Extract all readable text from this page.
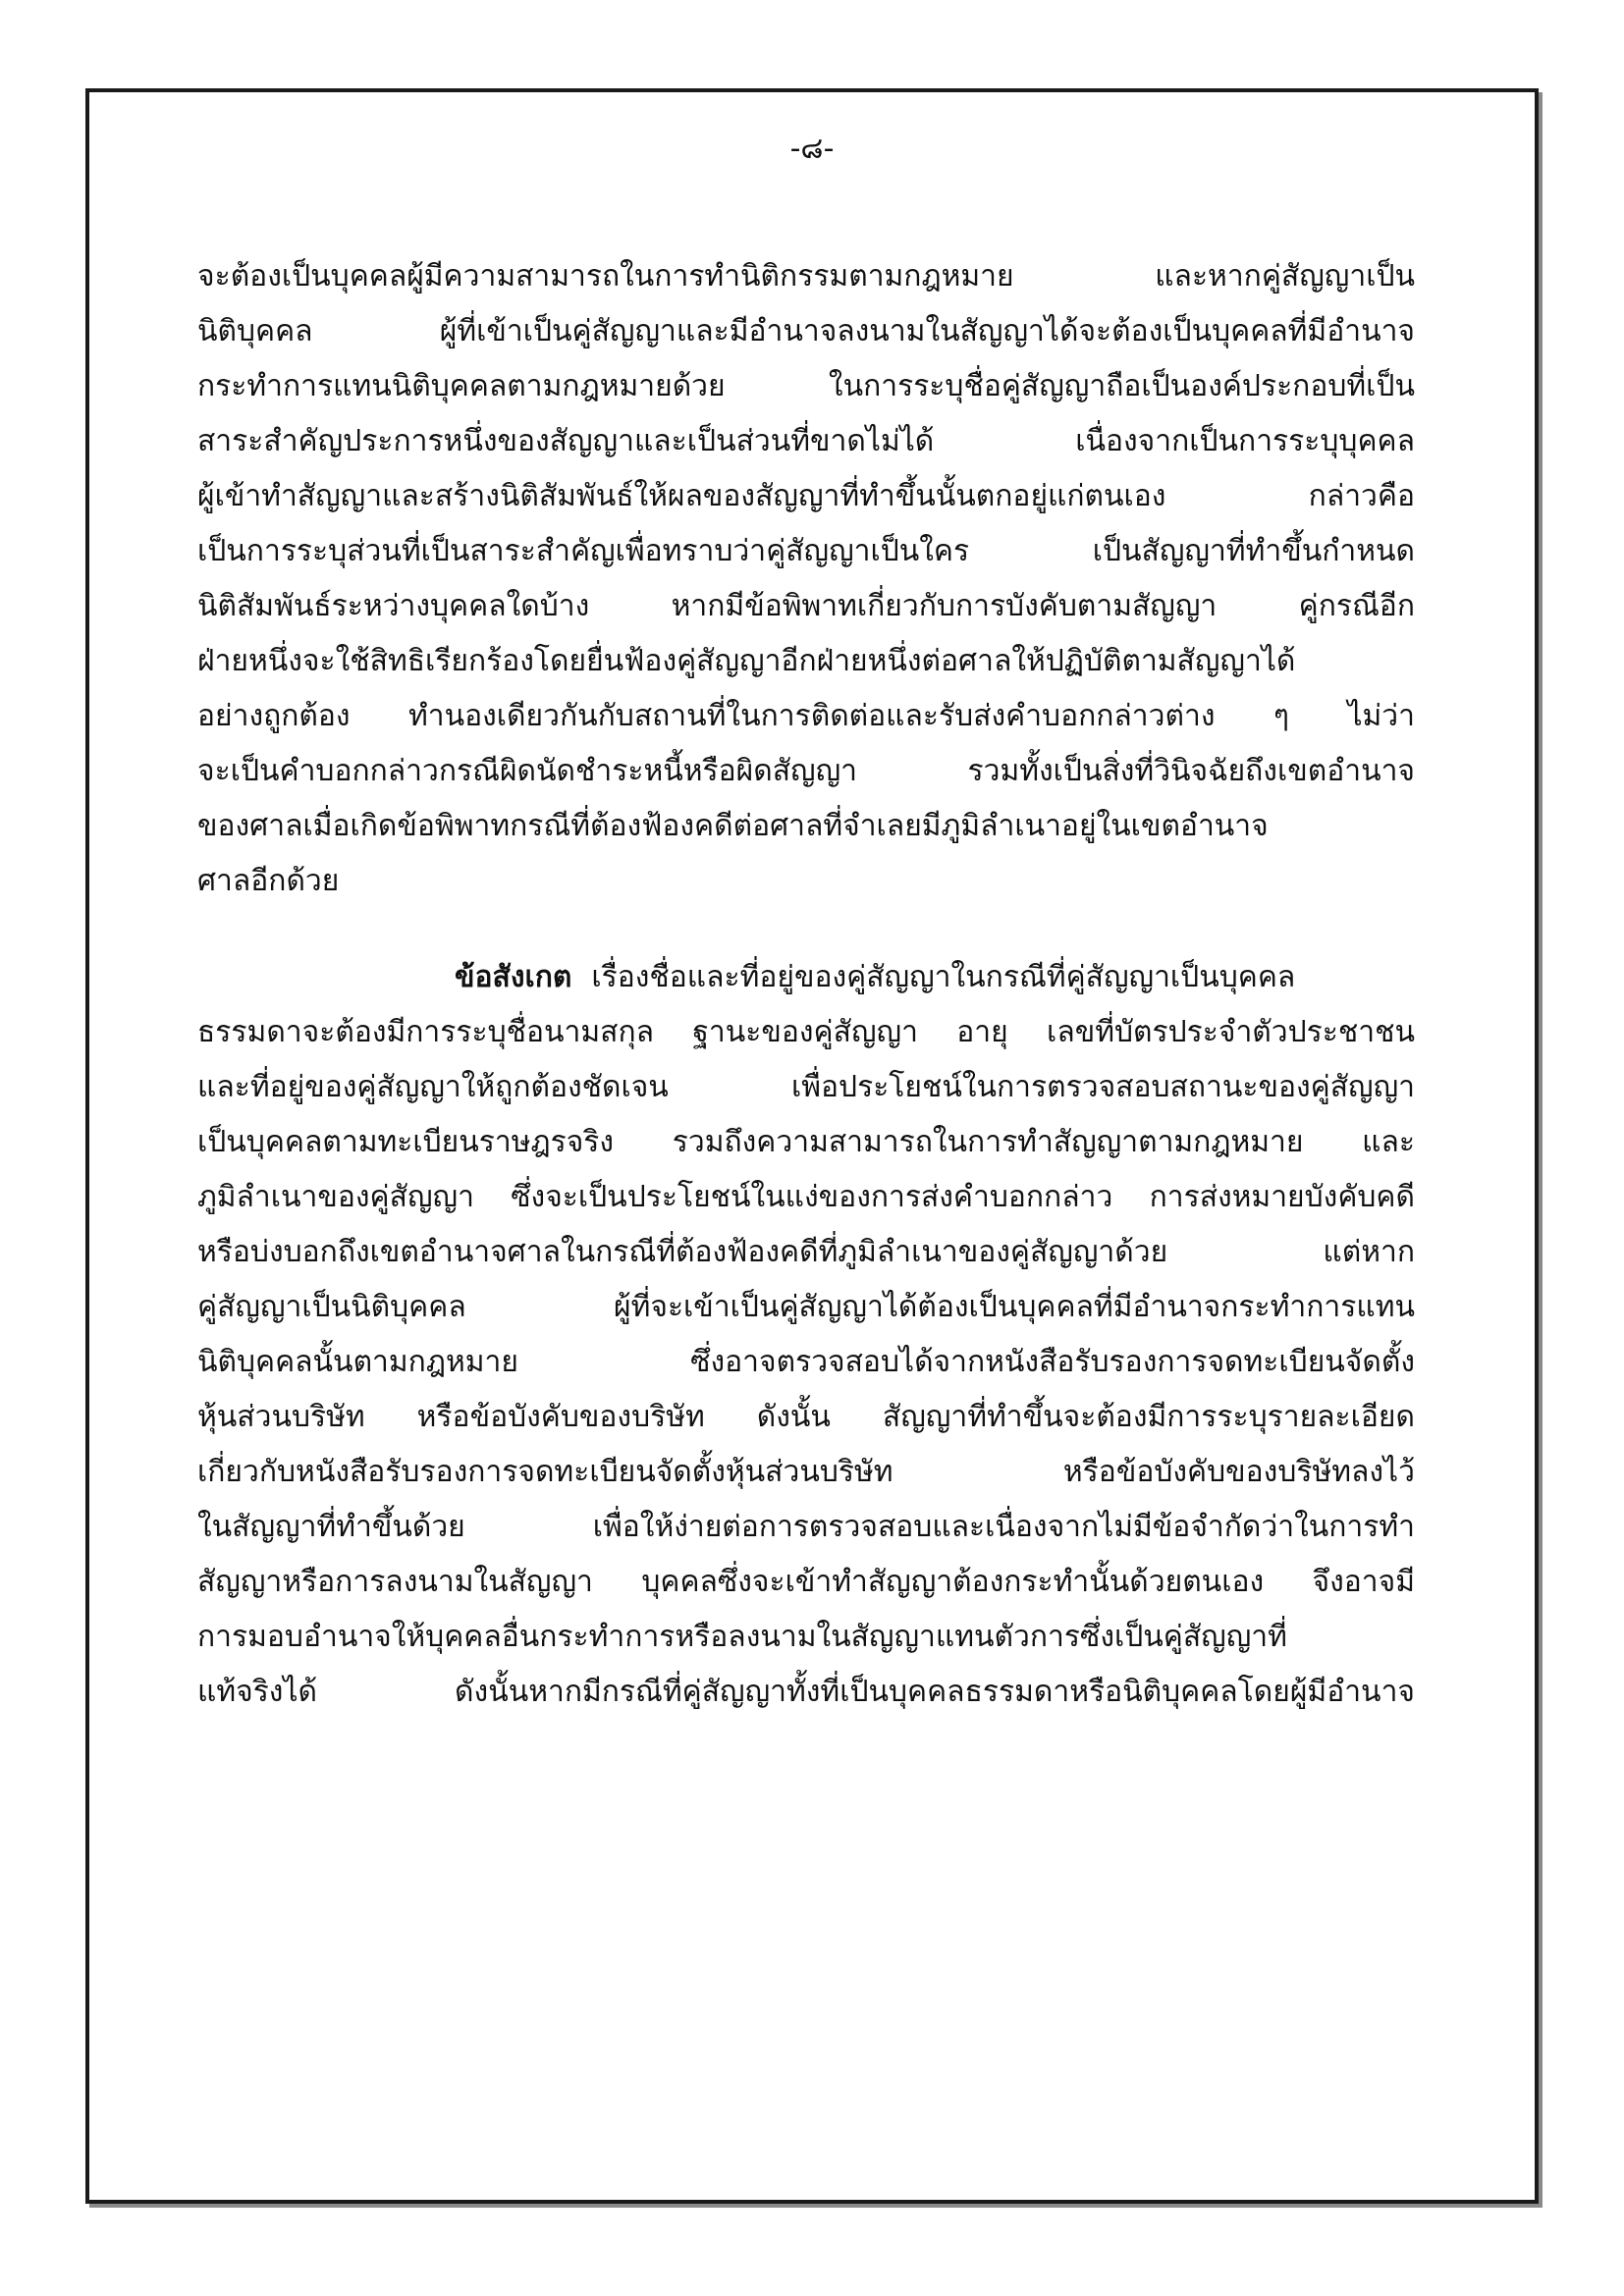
-๘-
จะต้องเป็นบุคคลผู้มีความสามารถในการทำนิติกรรมตามกฎหมาย และหากคู่สัญญาเป็น
นิติบุคคล ผู้ที่เข้าเป็นคู่สัญญาและมีอำนาจลงนามในสัญญาได้จะต้องเป็นบุคคลที่มีอำนาจ
กระทำการแทนนิติบุคคลตามกฎหมายด้วย ในการระบุชื่อคู่สัญญาถือเป็นองค์ประกอบที่เป็น
สาระสำคัญประการหนึ่งของสัญญาและเป็นส่วนที่ขาดไม่ได้ เนื่องจากเป็นการระบุบุคคล
ผู้เข้าทำสัญญาและสร้างนิติสัมพันธ์ให้ผลของสัญญาที่ทำขึ้นนั้นตกอยู่แก่ตนเอง กล่าวคือ
เป็นการระบุส่วนที่เป็นสาระสำคัญเพื่อทราบว่าคู่สัญญาเป็นใคร เป็นสัญญาที่ทำขึ้นกำหนด
นิติสัมพันธ์ระหว่างบุคคลใดบ้าง หากมีข้อพิพาทเกี่ยวกับการบังคับตามสัญญา คู่กรณีอีก
ฝ่ายหนึ่งจะใช้สิทธิเรียกร้องโดยยื่นฟ้องคู่สัญญาอีกฝ่ายหนึ่งต่อศาลให้ปฏิบัติตามสัญญาได้
อย่างถูกต้อง ทำนองเดียวกันกับสถานที่ในการติดต่อและรับส่งคำบอกกล่าวต่าง ๆ ไม่ว่า
จะเป็นคำบอกกล่าวกรณีผิดนัดชำระหนี้หรือผิดสัญญา รวมทั้งเป็นสิ่งที่วินิจฉัยถึงเขตอำนาจ
ของศาลเมื่อเกิดข้อพิพาทกรณีที่ต้องฟ้องคดีต่อศาลที่จำเลยมีภูมิลำเนาอยู่ในเขตอำนาจ
ศาลอีกด้วย
ข้อสังเกต เรื่องชื่อและที่อยู่ของคู่สัญญาในกรณีที่คู่สัญญาเป็นบุคคล
ธรรมดาจะต้องมีการระบุชื่อนามสกุล ฐานะของคู่สัญญา อายุ เลขที่บัตรประจำตัวประชาชน
และที่อยู่ของคู่สัญญาให้ถูกต้องชัดเจน เพื่อประโยชน์ในการตรวจสอบสถานะของคู่สัญญา
เป็นบุคคลตามทะเบียนราษฎรจริง รวมถึงความสามารถในการทำสัญญาตามกฎหมาย และ
ภูมิลำเนาของคู่สัญญา ซึ่งจะเป็นประโยชน์ในแง่ของการส่งคำบอกกล่าว การส่งหมายบังคับคดี
หรือบ่งบอกถึงเขตอำนาจศาลในกรณีที่ต้องฟ้องคดีที่ภูมิลำเนาของคู่สัญญาด้วย แต่หาก
คู่สัญญาเป็นนิติบุคคล ผู้ที่จะเข้าเป็นคู่สัญญาได้ต้องเป็นบุคคลที่มีอำนาจกระทำการแทน
นิติบุคคลนั้นตามกฎหมาย ซึ่งอาจตรวจสอบได้จากหนังสือรับรองการจดทะเบียนจัดตั้ง
หุ้นส่วนบริษัท หรือข้อบังคับของบริษัท ดังนั้น สัญญาที่ทำขึ้นจะต้องมีการระบุรายละเอียด
เกี่ยวกับหนังสือรับรองการจดทะเบียนจัดตั้งหุ้นส่วนบริษัท หรือข้อบังคับของบริษัทลงไว้
ในสัญญาที่ทำขึ้นด้วย เพื่อให้ง่ายต่อการตรวจสอบและเนื่องจากไม่มีข้อจำกัดว่าในการทำ
สัญญาหรือการลงนามในสัญญา บุคคลซึ่งจะเข้าทำสัญญาต้องกระทำนั้นด้วยตนเอง จึงอาจมี
การมอบอำนาจให้บุคคลอื่นกระทำการหรือลงนามในสัญญาแทนตัวการซึ่งเป็นคู่สัญญาที่
แท้จริงได้ ดังนั้นหากมีกรณีที่คู่สัญญาทั้งที่เป็นบุคคลธรรมดาหรือนิติบุคคลโดยผู้มีอำนาจ
